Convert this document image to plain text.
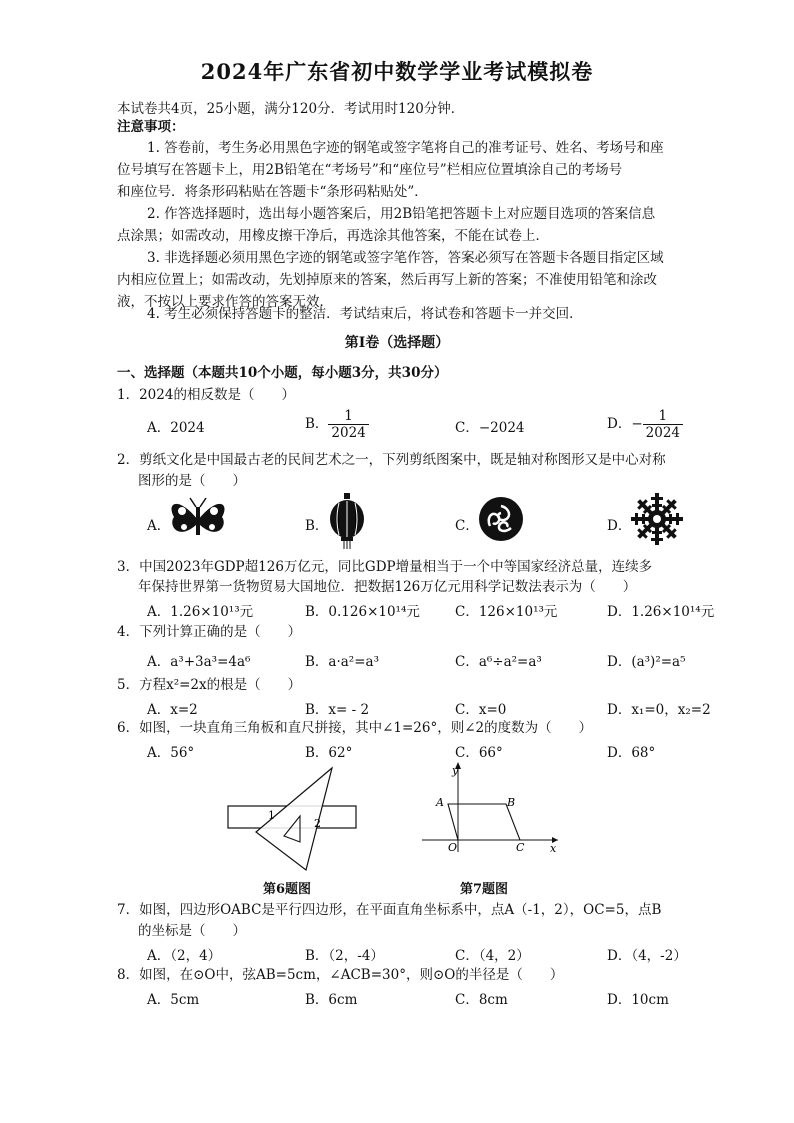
2024年广东省初中数学学业考试模拟卷
本试卷共4页，25小题，满分120分．考试用时120分钟．
注意事项：
1. 答卷前，考生务必用黑色字迹的钢笔或签字笔将自己的准考证号、姓名、考场号和座
位号填写在答题卡上，用2B铅笔在“考场号”和“座位号”栏相应位置填涂自己的考场号
和座位号．将条形码粘贴在答题卡“条形码粘贴处”．
2. 作答选择题时，选出每小题答案后，用2B铅笔把答题卡上对应题目选项的答案信息
点涂黑；如需改动，用橡皮擦干净后，再选涂其他答案，不能在试卷上．
3. 非选择题必须用黑色字迹的钢笔或签字笔作答，答案必须写在答题卡各题目指定区域
内相应位置上；如需改动，先划掉原来的答案，然后再写上新的答案；不准使用铅笔和涂改
液，不按以上要求作答的答案无效．
4. 考生必须保持答题卡的整洁．考试结束后，将试卷和答题卡一并交回．
第Ⅰ卷（选择题）
一、选择题（本题共10个小题，每小题3分，共30分）
1．2024的相反数是（　　）
A．2024	B． $\frac{1}{2024}$	C．−2024	D．− $\frac{1}{2024}$
2．剪纸文化是中国最古老的民间艺术之一，下列剪纸图案中，既是轴对称图形又是中心对称
图形的是（　　）
A．	B．	C．	D．
3．中国2023年GDP超126万亿元，同比GDP增量相当于一个中等国家经济总量，连续多
年保持世界第一货物贸易大国地位．把数据126万亿元用科学记数法表示为（　　）
A．1.26×10¹³元	B．0.126×10¹⁴元	C．126×10¹³元	D．1.26×10¹⁴元
4．下列计算正确的是（　　）
A．a³+3a³=4a⁶	B．a·a²=a³	C．a⁶÷a²=a³	D．(a³)²=a⁵
5．方程x²=2x的根是（　　）
A．x=2	B．x= - 2	C．x=0	D．x₁=0，x₂=2
6．如图，一块直角三角板和直尺拼接，其中∠1=26°，则∠2的度数为（　　）
A．56°	B．62°	C．66°	D．68°
1
2
第6题图
y
x
A	B
O	C
第7题图
7．如图，四边形OABC是平行四边形，在平面直角坐标系中，点A（-1，2），OC=5，点B
的坐标是（　　）
A．（2，4）	B．（2，-4）	C．（4，2）	D．（4，-2）
8．如图，在⊙O中，弦AB=5cm，∠ACB=30°，则⊙O的半径是（　　）
A．5cm	B．6cm	C．8cm	D．10cm
